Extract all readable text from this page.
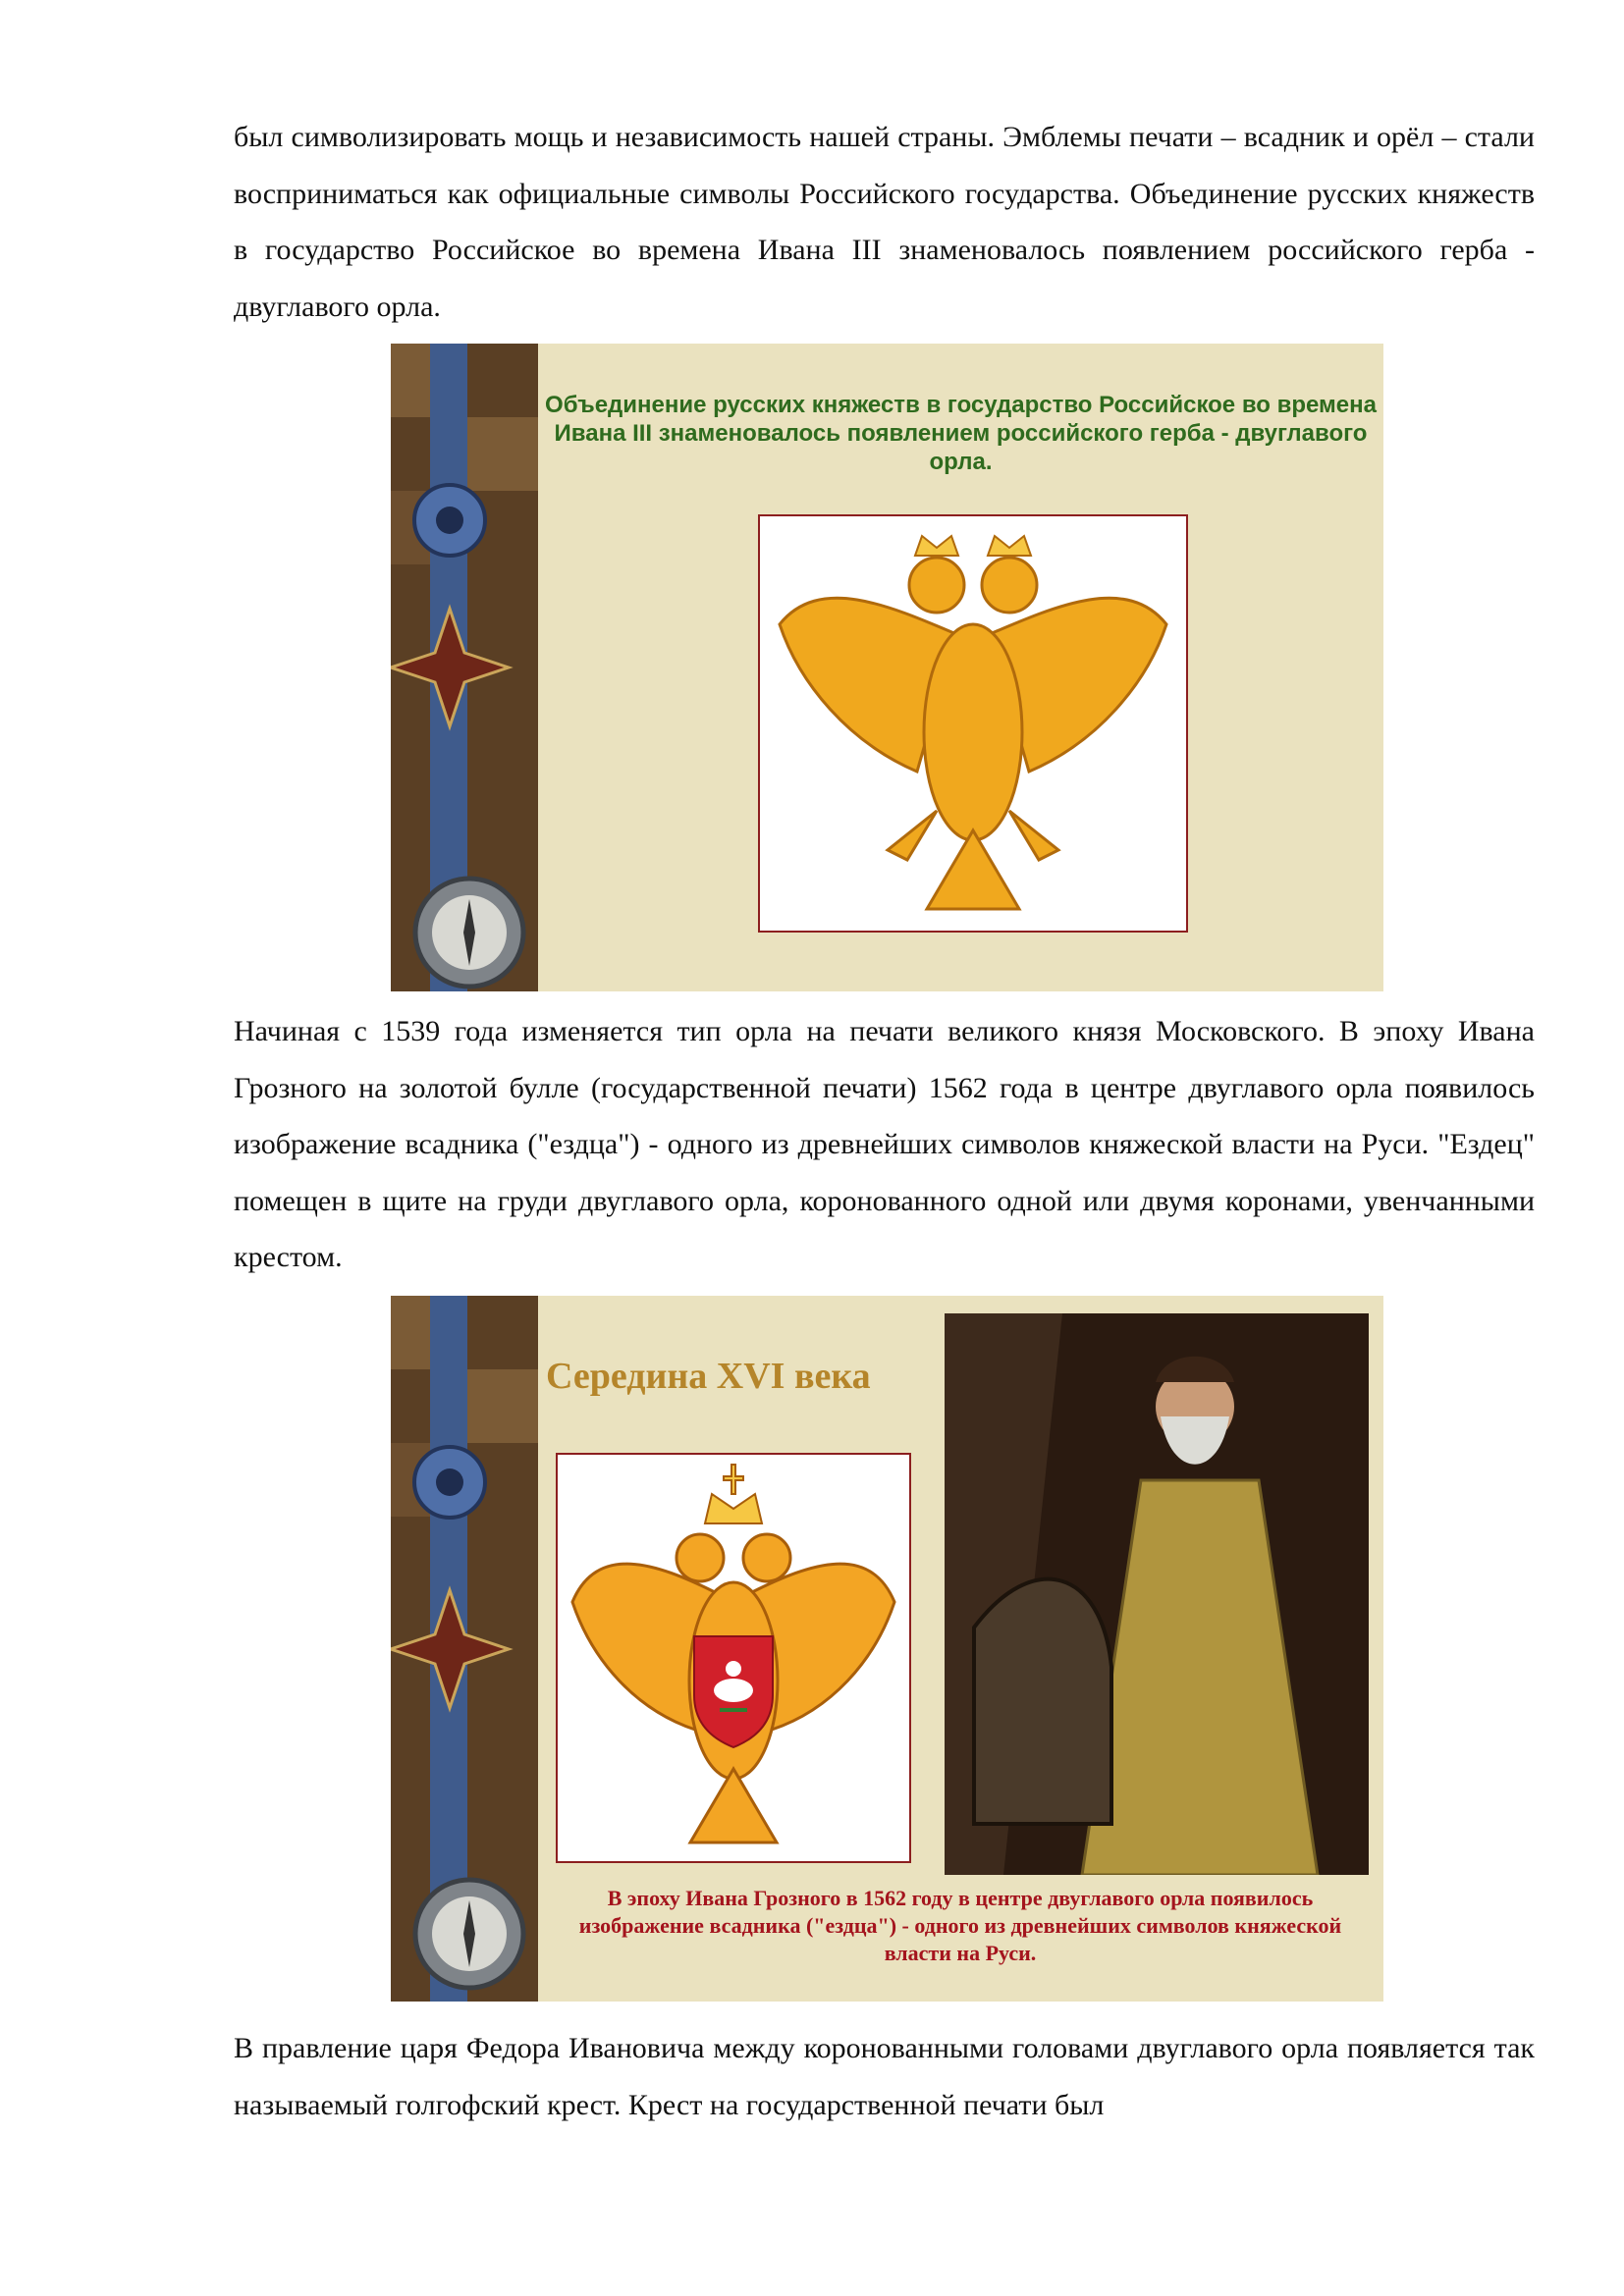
был символизировать мощь и независимость нашей страны. Эмблемы печати – всадник и орёл – стали восприниматься как официальные символы Российского государства. Объединение русских княжеств в государство Российское во времена Ивана III знаменовалось появлением российского герба - двуглавого орла.

Объединение русских княжеств в государство Российское во времена Ивана III знаменовалось появлением российского герба - двуглавого орла.

Начиная с 1539 года изменяется тип орла на печати великого князя Московского. В эпоху Ивана Грозного на золотой булле (государственной печати) 1562 года в центре двуглавого орла появилось изображение всадника ("ездца") - одного из древнейших символов княжеской власти на Руси. "Ездец" помещен в щите на груди двуглавого орла, коронованного одной или двумя коронами, увенчанными крестом.

Середина XVI века

В эпоху Ивана Грозного в 1562 году в центре двуглавого орла появилось изображение всадника ("ездца") - одного из древнейших символов княжеской власти на Руси.

В правление царя Федора Ивановича между коронованными головами двуглавого орла появляется так называемый голгофский крест. Крест на государственной печати был
